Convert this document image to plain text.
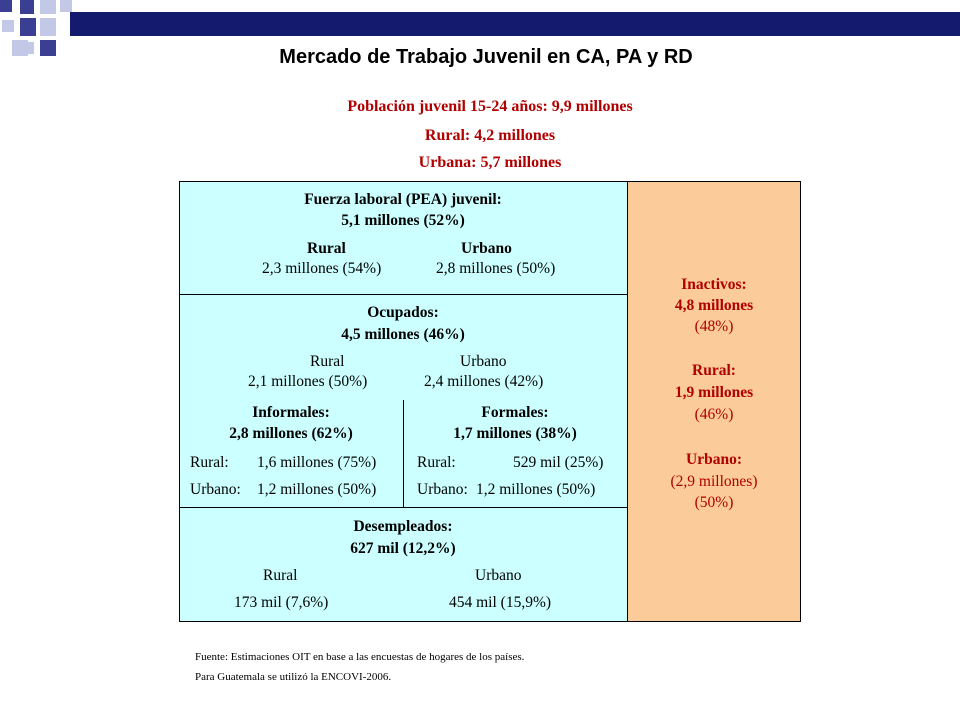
Mercado de Trabajo Juvenil en CA, PA y RD
Población juvenil 15-24 años: 9,9 millones
Rural: 4,2 millones
Urbana: 5,7 millones
Fuerza laboral (PEA) juvenil:
5,1 millones (52%)
Rural
2,3 millones (54%)
Urbano
2,8 millones (50%)
Ocupados:
4,5 millones (46%)
Rural
2,1 millones (50%)
Urbano
2,4 millones (42%)
Informales:
2,8 millones (62%)
Rural: 1,6 millones (75%)
Urbano: 1,2 millones (50%)
Formales:
1,7 millones (38%)
Rural:	529 mil (25%)
Urbano: 1,2 millones (50%)
Desempleados:
627 mil (12,2%)
Rural
173 mil (7,6%)
Urbano
454 mil (15,9%)
Inactivos:
4,8 millones
(48%)
Rural:
1,9 millones
(46%)
Urbano:
(2,9 millones)
(50%)
Fuente: Estimaciones OIT en base a las encuestas de hogares de los países.
Para Guatemala se utilizó la ENCOVI-2006.
